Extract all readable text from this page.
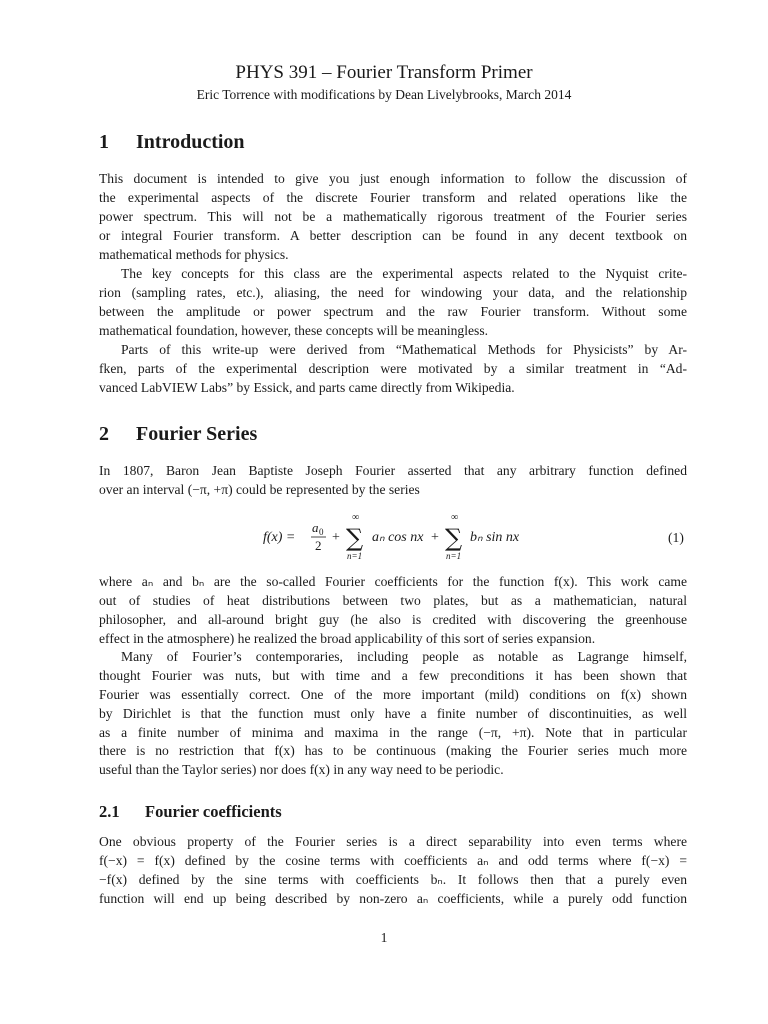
PHYS 391 – Fourier Transform Primer
Eric Torrence with modifications by Dean Livelybrooks, March 2014
1 Introduction
This document is intended to give you just enough information to follow the discussion of
the experimental aspects of the discrete Fourier transform and related operations like the
power spectrum. This will not be a mathematically rigorous treatment of the Fourier series
or integral Fourier transform. A better description can be found in any decent textbook on
mathematical methods for physics.
The key concepts for this class are the experimental aspects related to the Nyquist crite-
rion (sampling rates, etc.), aliasing, the need for windowing your data, and the relationship
between the amplitude or power spectrum and the raw Fourier transform. Without some
mathematical foundation, however, these concepts will be meaningless.
Parts of this write-up were derived from “Mathematical Methods for Physicists” by Ar-
fken, parts of the experimental description were motivated by a similar treatment in “Ad-
vanced LabVIEW Labs” by Essick, and parts came directly from Wikipedia.
2 Fourier Series
In 1807, Baron Jean Baptiste Joseph Fourier asserted that any arbitrary function defined
over an interval (−π, +π) could be represented by the series
f(x) =
a 0
2
+
∞
∑
n=1
aₙ cos nx +
∞
∑
n=1
bₙ sin nx	(1)
where aₙ and bₙ are the so-called Fourier coefficients for the function f(x). This work came
out of studies of heat distributions between two plates, but as a mathematician, natural
philosopher, and all-around bright guy (he also is credited with discovering the greenhouse
effect in the atmosphere) he realized the broad applicability of this sort of series expansion.
Many of Fourier’s contemporaries, including people as notable as Lagrange himself,
thought Fourier was nuts, but with time and a few preconditions it has been shown that
Fourier was essentially correct. One of the more important (mild) conditions on f(x) shown
by Dirichlet is that the function must only have a finite number of discontinuities, as well
as a finite number of minima and maxima in the range (−π, +π). Note that in particular
there is no restriction that f(x) has to be continuous (making the Fourier series much more
useful than the Taylor series) nor does f(x) in any way need to be periodic.
2.1 Fourier coefficients
One obvious property of the Fourier series is a direct separability into even terms where
f(−x) = f(x) defined by the cosine terms with coefficients aₙ and odd terms where f(−x) =
−f(x) defined by the sine terms with coefficients bₙ. It follows then that a purely even
function will end up being described by non-zero aₙ coefficients, while a purely odd function
1
